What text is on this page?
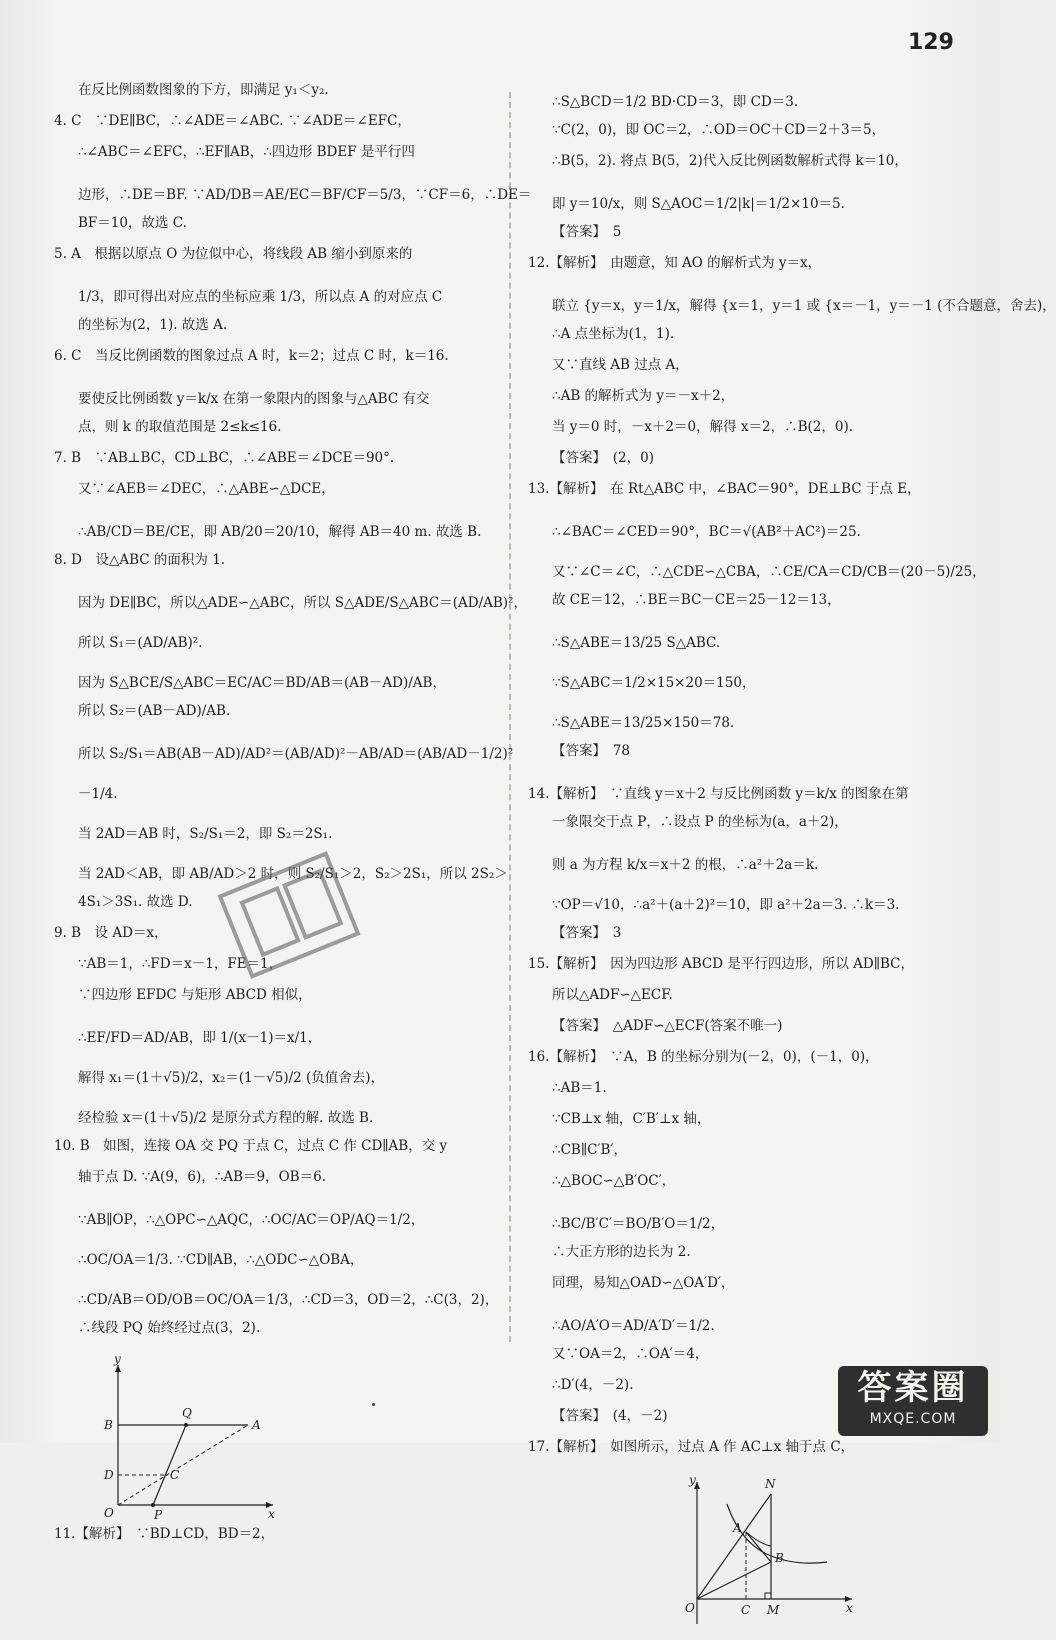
129
在反比例函数图象的下方，即满足 y₁＜y₂.
4. C　∵DE∥BC，∴∠ADE＝∠ABC. ∵∠ADE＝∠EFC，
∴∠ABC＝∠EFC，∴EF∥AB，∴四边形 BDEF 是平行四
边形，∴DE＝BF. ∵AD/DB＝AE/EC＝BF/CF＝5/3，∵CF＝6，∴DE＝
BF＝10，故选 C.
5. A　根据以原点 O 为位似中心，将线段 AB 缩小到原来的
1/3，即可得出对应点的坐标应乘 1/3，所以点 A 的对应点 C
的坐标为(2，1). 故选 A.
6. C　当反比例函数的图象过点 A 时，k＝2；过点 C 时，k＝16.
要使反比例函数 y＝k/x 在第一象限内的图象与△ABC 有交
点，则 k 的取值范围是 2≤k≤16.
7. B　∵AB⊥BC，CD⊥BC，∴∠ABE＝∠DCE＝90°.
又∵∠AEB＝∠DEC，∴△ABE∽△DCE，
∴AB/CD＝BE/CE，即 AB/20＝20/10，解得 AB＝40 m. 故选 B.
8. D　设△ABC 的面积为 1.
因为 DE∥BC，所以△ADE∽△ABC，所以 S△ADE/S△ABC＝(AD/AB)²，
所以 S₁＝(AD/AB)².
因为 S△BCE/S△ABC＝EC/AC＝BD/AB＝(AB－AD)/AB，
所以 S₂＝(AB－AD)/AB.
所以 S₂/S₁＝AB(AB－AD)/AD²＝(AB/AD)²－AB/AD＝(AB/AD－1/2)²
－1/4.
当 2AD＝AB 时，S₂/S₁＝2，即 S₂＝2S₁.
当 2AD＜AB，即 AB/AD＞2 时，则 S₂/S₁＞2，S₂＞2S₁，所以 2S₂＞
4S₁＞3S₁. 故选 D.
9. B　设 AD＝x，
∵AB＝1，∴FD＝x－1，FE＝1，
∵四边形 EFDC 与矩形 ABCD 相似，
∴EF/FD＝AD/AB，即 1/(x－1)＝x/1，
解得 x₁＝(1＋√5)/2，x₂＝(1－√5)/2 (负值舍去)，
经检验 x＝(1＋√5)/2 是原分式方程的解. 故选 B.
10. B　如图，连接 OA 交 PQ 于点 C，过点 C 作 CD∥AB，交 y
轴于点 D. ∵A(9，6)，∴AB＝9，OB＝6.
∵AB∥OP，∴△OPC∽△AQC，∴OC/AC＝OP/AQ＝1/2，
∴OC/OA＝1/3. ∵CD∥AB，∴△ODC∽△OBA，
∴CD/AB＝OD/OB＝OC/OA＝1/3，∴CD＝3，OD＝2，∴C(3，2)，
∴线段 PQ 始终经过点(3，2).
y
x
O
B
Q
A
D	C
P
11.【解析】　∵BD⊥CD，BD＝2，
∴S△BCD＝1/2 BD·CD＝3，即 CD＝3.
∵C(2，0)，即 OC＝2，∴OD＝OC＋CD＝2＋3＝5，
∴B(5，2). 将点 B(5，2)代入反比例函数解析式得 k＝10，
即 y＝10/x，则 S△AOC＝1/2|k|＝1/2×10＝5.
【答案】　5
12.【解析】　由题意，知 AO 的解析式为 y＝x，
联立 {y＝x，y＝1/x，解得 {x＝1，y＝1 或 {x＝－1，y＝－1 (不合题意，舍去)，
∴A 点坐标为(1，1).
又∵直线 AB 过点 A，
∴AB 的解析式为 y＝－x＋2，
当 y＝0 时，－x＋2＝0，解得 x＝2，∴B(2，0).
【答案】　(2，0)
13.【解析】　在 Rt△ABC 中，∠BAC＝90°，DE⊥BC 于点 E，
∴∠BAC＝∠CED＝90°，BC＝√(AB²＋AC²)＝25.
又∵∠C＝∠C，∴△CDE∽△CBA，∴CE/CA＝CD/CB＝(20－5)/25，
故 CE＝12，∴BE＝BC－CE＝25－12＝13，
∴S△ABE＝13/25 S△ABC.
∵S△ABC＝1/2×15×20＝150，
∴S△ABE＝13/25×150＝78.
【答案】　78
14.【解析】　∵直线 y＝x＋2 与反比例函数 y＝k/x 的图象在第
一象限交于点 P，∴设点 P 的坐标为(a，a＋2)，
则 a 为方程 k/x＝x＋2 的根，∴a²＋2a＝k.
∵OP＝√10，∴a²＋(a＋2)²＝10，即 a²＋2a＝3. ∴k＝3.
【答案】　3
15.【解析】　因为四边形 ABCD 是平行四边形，所以 AD∥BC，
所以△ADF∽△ECF.
【答案】　△ADF∽△ECF(答案不唯一)
16.【解析】　∵A，B 的坐标分别为(－2，0)，(－1，0)，
∴AB＝1.
∵CB⊥x 轴，C′B′⊥x 轴，
∴CB∥C′B′，
∴△BOC∽△B′OC′，
∴BC/B′C′＝BO/B′O＝1/2，
∴大正方形的边长为 2.
同理，易知△OAD∽△OA′D′，
∴AO/A′O＝AD/A′D′＝1/2.
又∵OA＝2，∴OA′＝4，
∴D′(4，－2).
【答案】　(4，－2)
17.【解析】　如图所示，过点 A 作 AC⊥x 轴于点 C，
y
x
O
N
A
B
C M
答案圈
MXQE.COM
